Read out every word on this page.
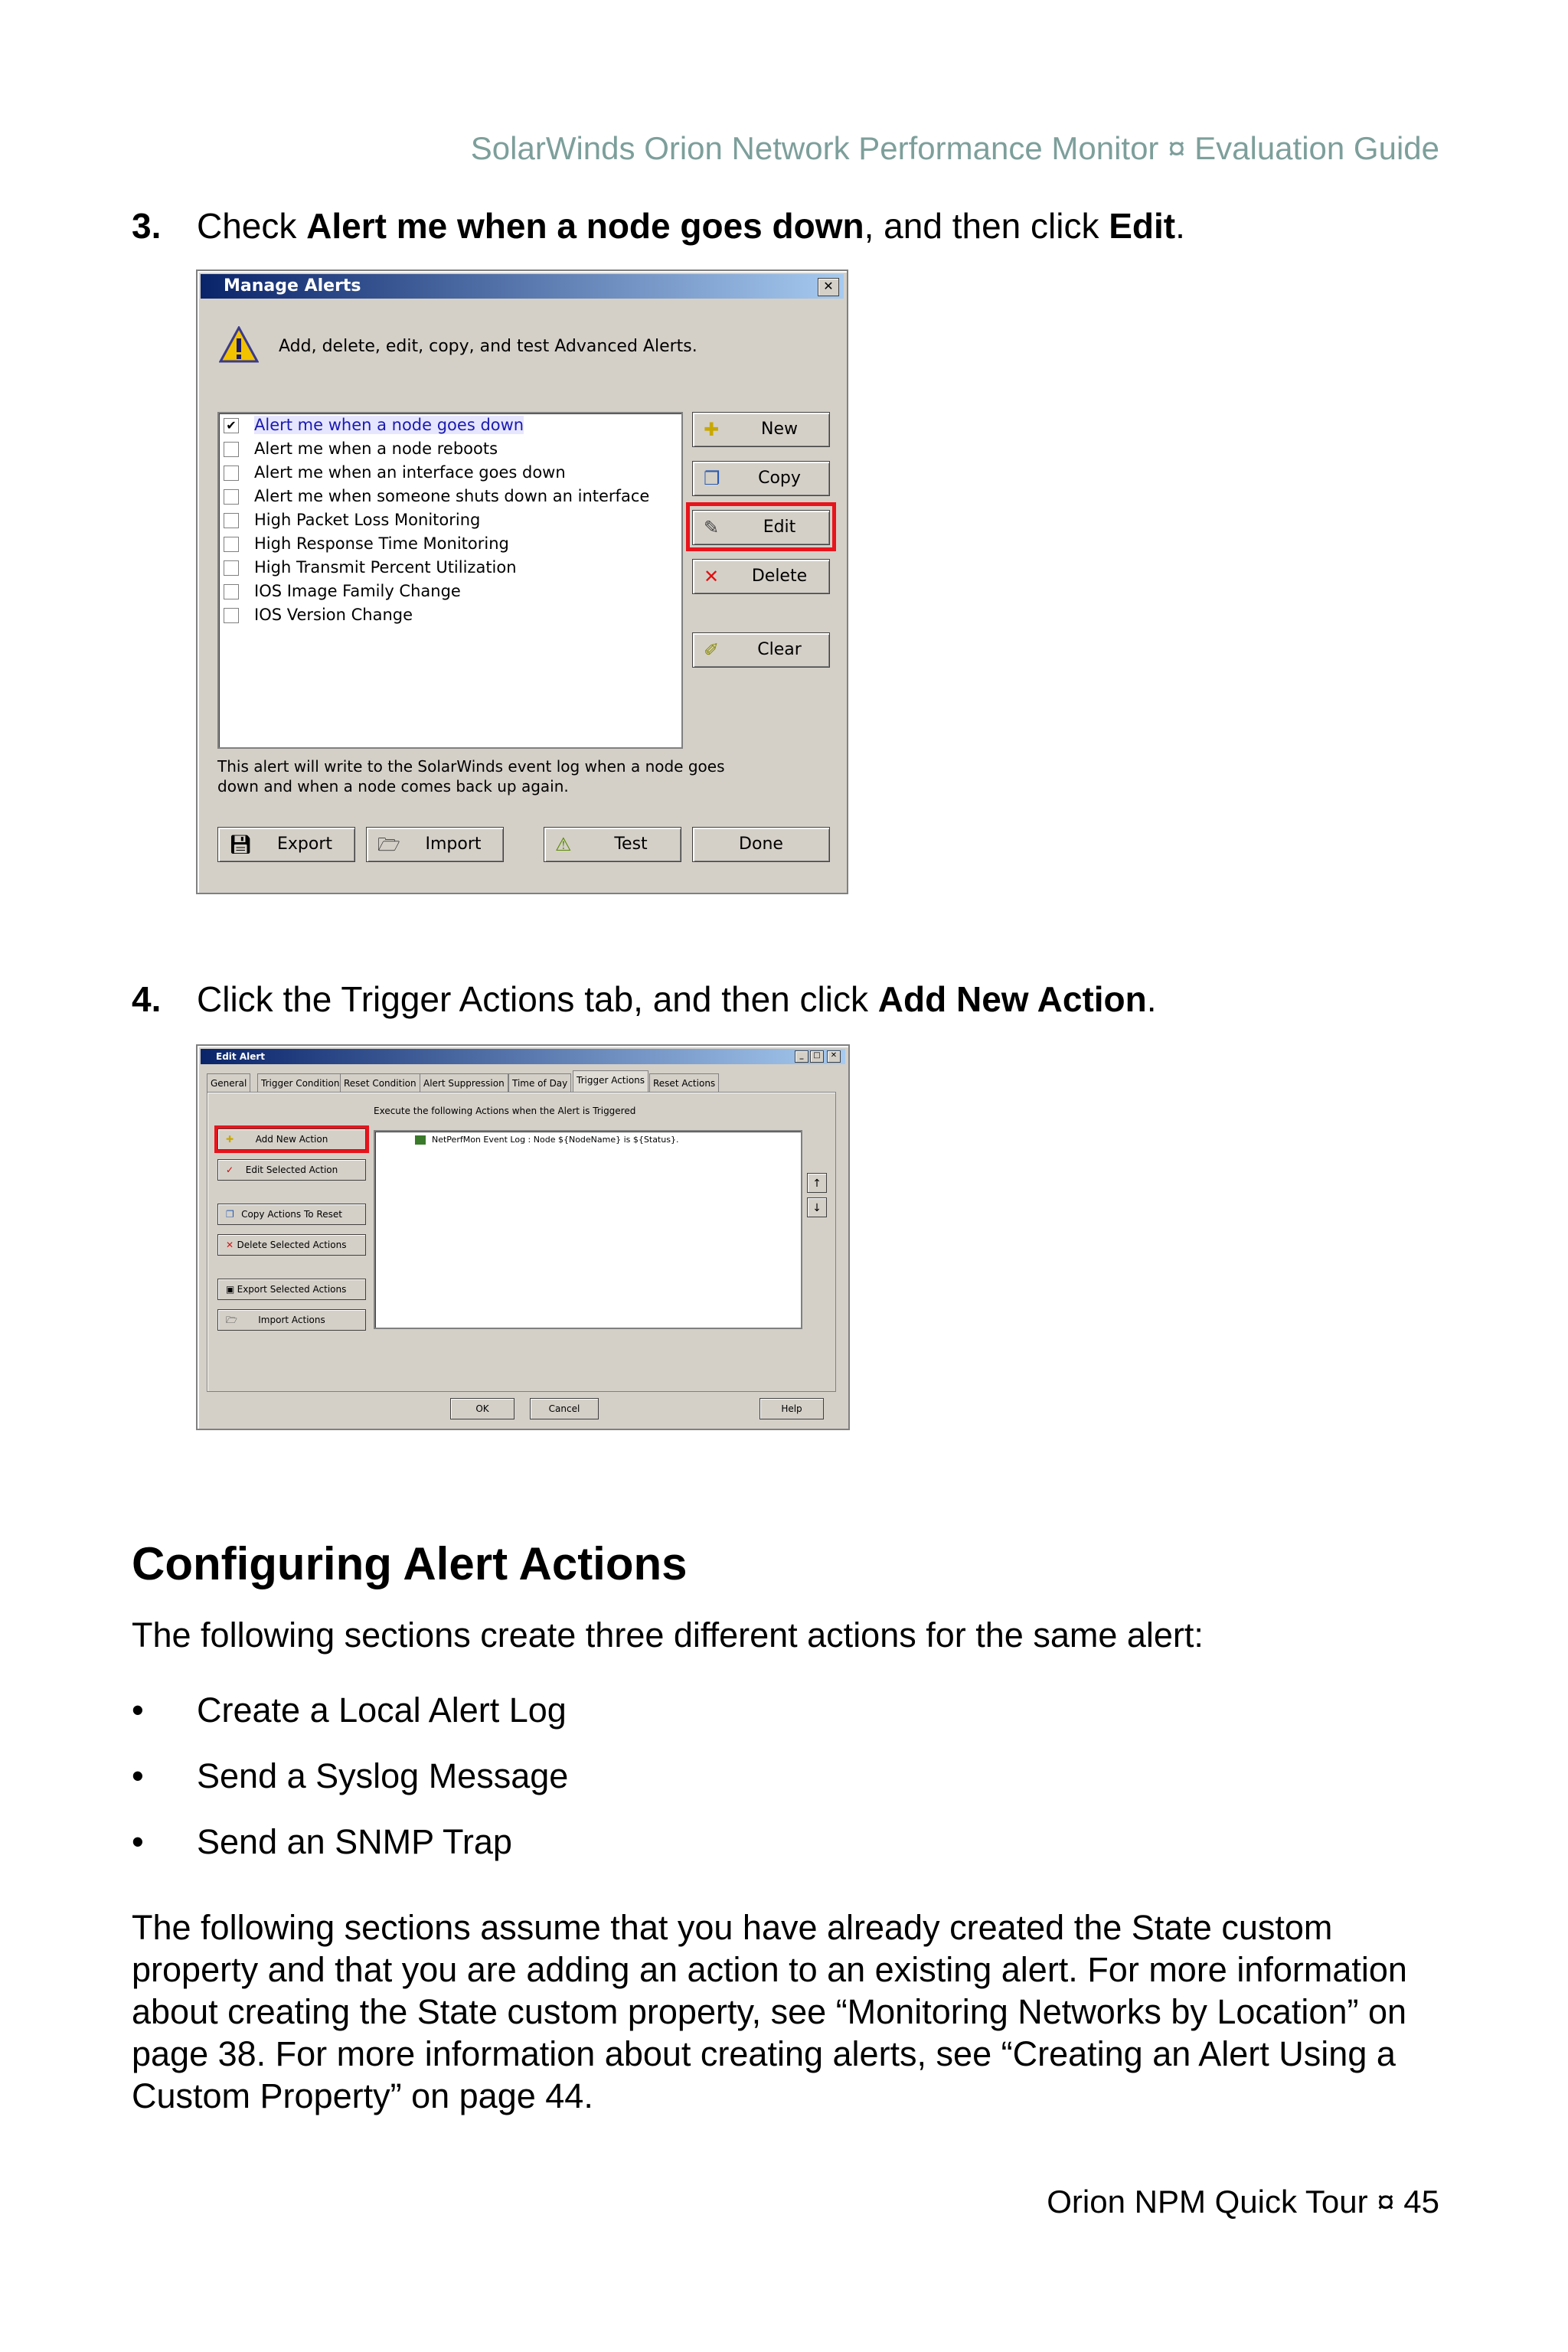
SolarWinds Orion Network Performance Monitor ¤ Evaluation Guide
3. Check Alert me when a node goes down, and then click Edit.
Manage Alerts	✕
Add, delete, edit, copy, and test Advanced Alerts.
✔ Alert me when a node goes down
Alert me when a node reboots
Alert me when an interface goes down
Alert me when someone shuts down an interface
High Packet Loss Monitoring
High Response Time Monitoring
High Transmit Percent Utilization
IOS Image Family Change
IOS Version Change
✚ New
❐ Copy
✎	Edit
✕ Delete
✐ Clear
This alert will write to the SolarWinds event log when a node goes
down and when a node comes back up again.
💾︎ Export	🗁 Import	⚠	Test	Done
4. Click the Trigger Actions tab, and then click Add New Action.
Edit Alert	_	□	✕
General	Trigger Condition Reset Condition Alert Suppression Time of Day Trigger Actions Reset Actions
Execute the following Actions when the Alert is Triggered
✚ Add New Action
✓ Edit Selected Action
❐ Copy Actions To Reset
✕ Delete Selected Actions
▣ Export Selected Actions
🗁 Import Actions
NetPerfMon Event Log : Node ${NodeName} is ${Status}.
↑
↓
OK	Cancel	Help
Configuring Alert Actions
The following sections create three different actions for the same alert:
• Create a Local Alert Log
• Send a Syslog Message
• Send an SNMP Trap
The following sections assume that you have already created the State custom property and that you are adding an action to an existing alert. For more information about creating the State custom property, see “Monitoring Networks by Location” on page 38. For more information about creating alerts, see “Creating an Alert Using a Custom Property” on page 44.
Orion NPM Quick Tour ¤ 45
